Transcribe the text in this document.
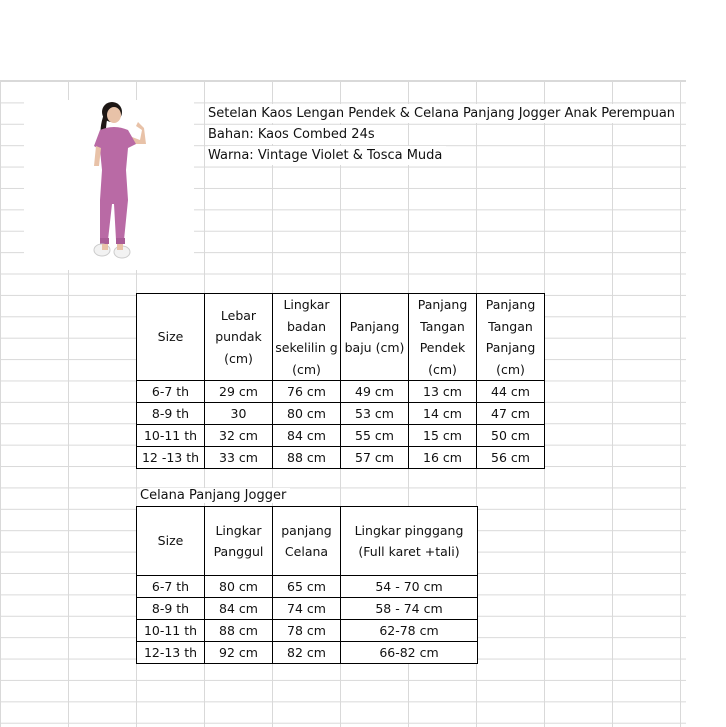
Setelan Kaos Lengan Pendek & Celana Panjang Jogger Anak Perempuan
Bahan: Kaos Combed 24s
Warna: Vintage Violet & Tosca Muda
Size	Lebar pundak (cm)	Lingkar badan sekelilin g (cm)	Panjang baju (cm)	Panjang Tangan Pendek (cm)	Panjang Tangan Panjang (cm)
6-7 th	29 cm	76 cm	49 cm	13 cm	44 cm
8-9 th	30	80 cm	53 cm	14 cm	47 cm
10-11 th	32 cm	84 cm	55 cm	15 cm	50 cm
12 -13 th	33 cm	88 cm	57 cm	16 cm	56 cm
Celana Panjang Jogger
Size	Lingkar Panggul	panjang Celana	Lingkar pinggang (Full karet +tali)
6-7 th	80 cm	65 cm	54 - 70 cm
8-9 th	84 cm	74 cm	58 - 74 cm
10-11 th	88 cm	78 cm	62-78 cm
12-13 th	92 cm	82 cm	66-82 cm
